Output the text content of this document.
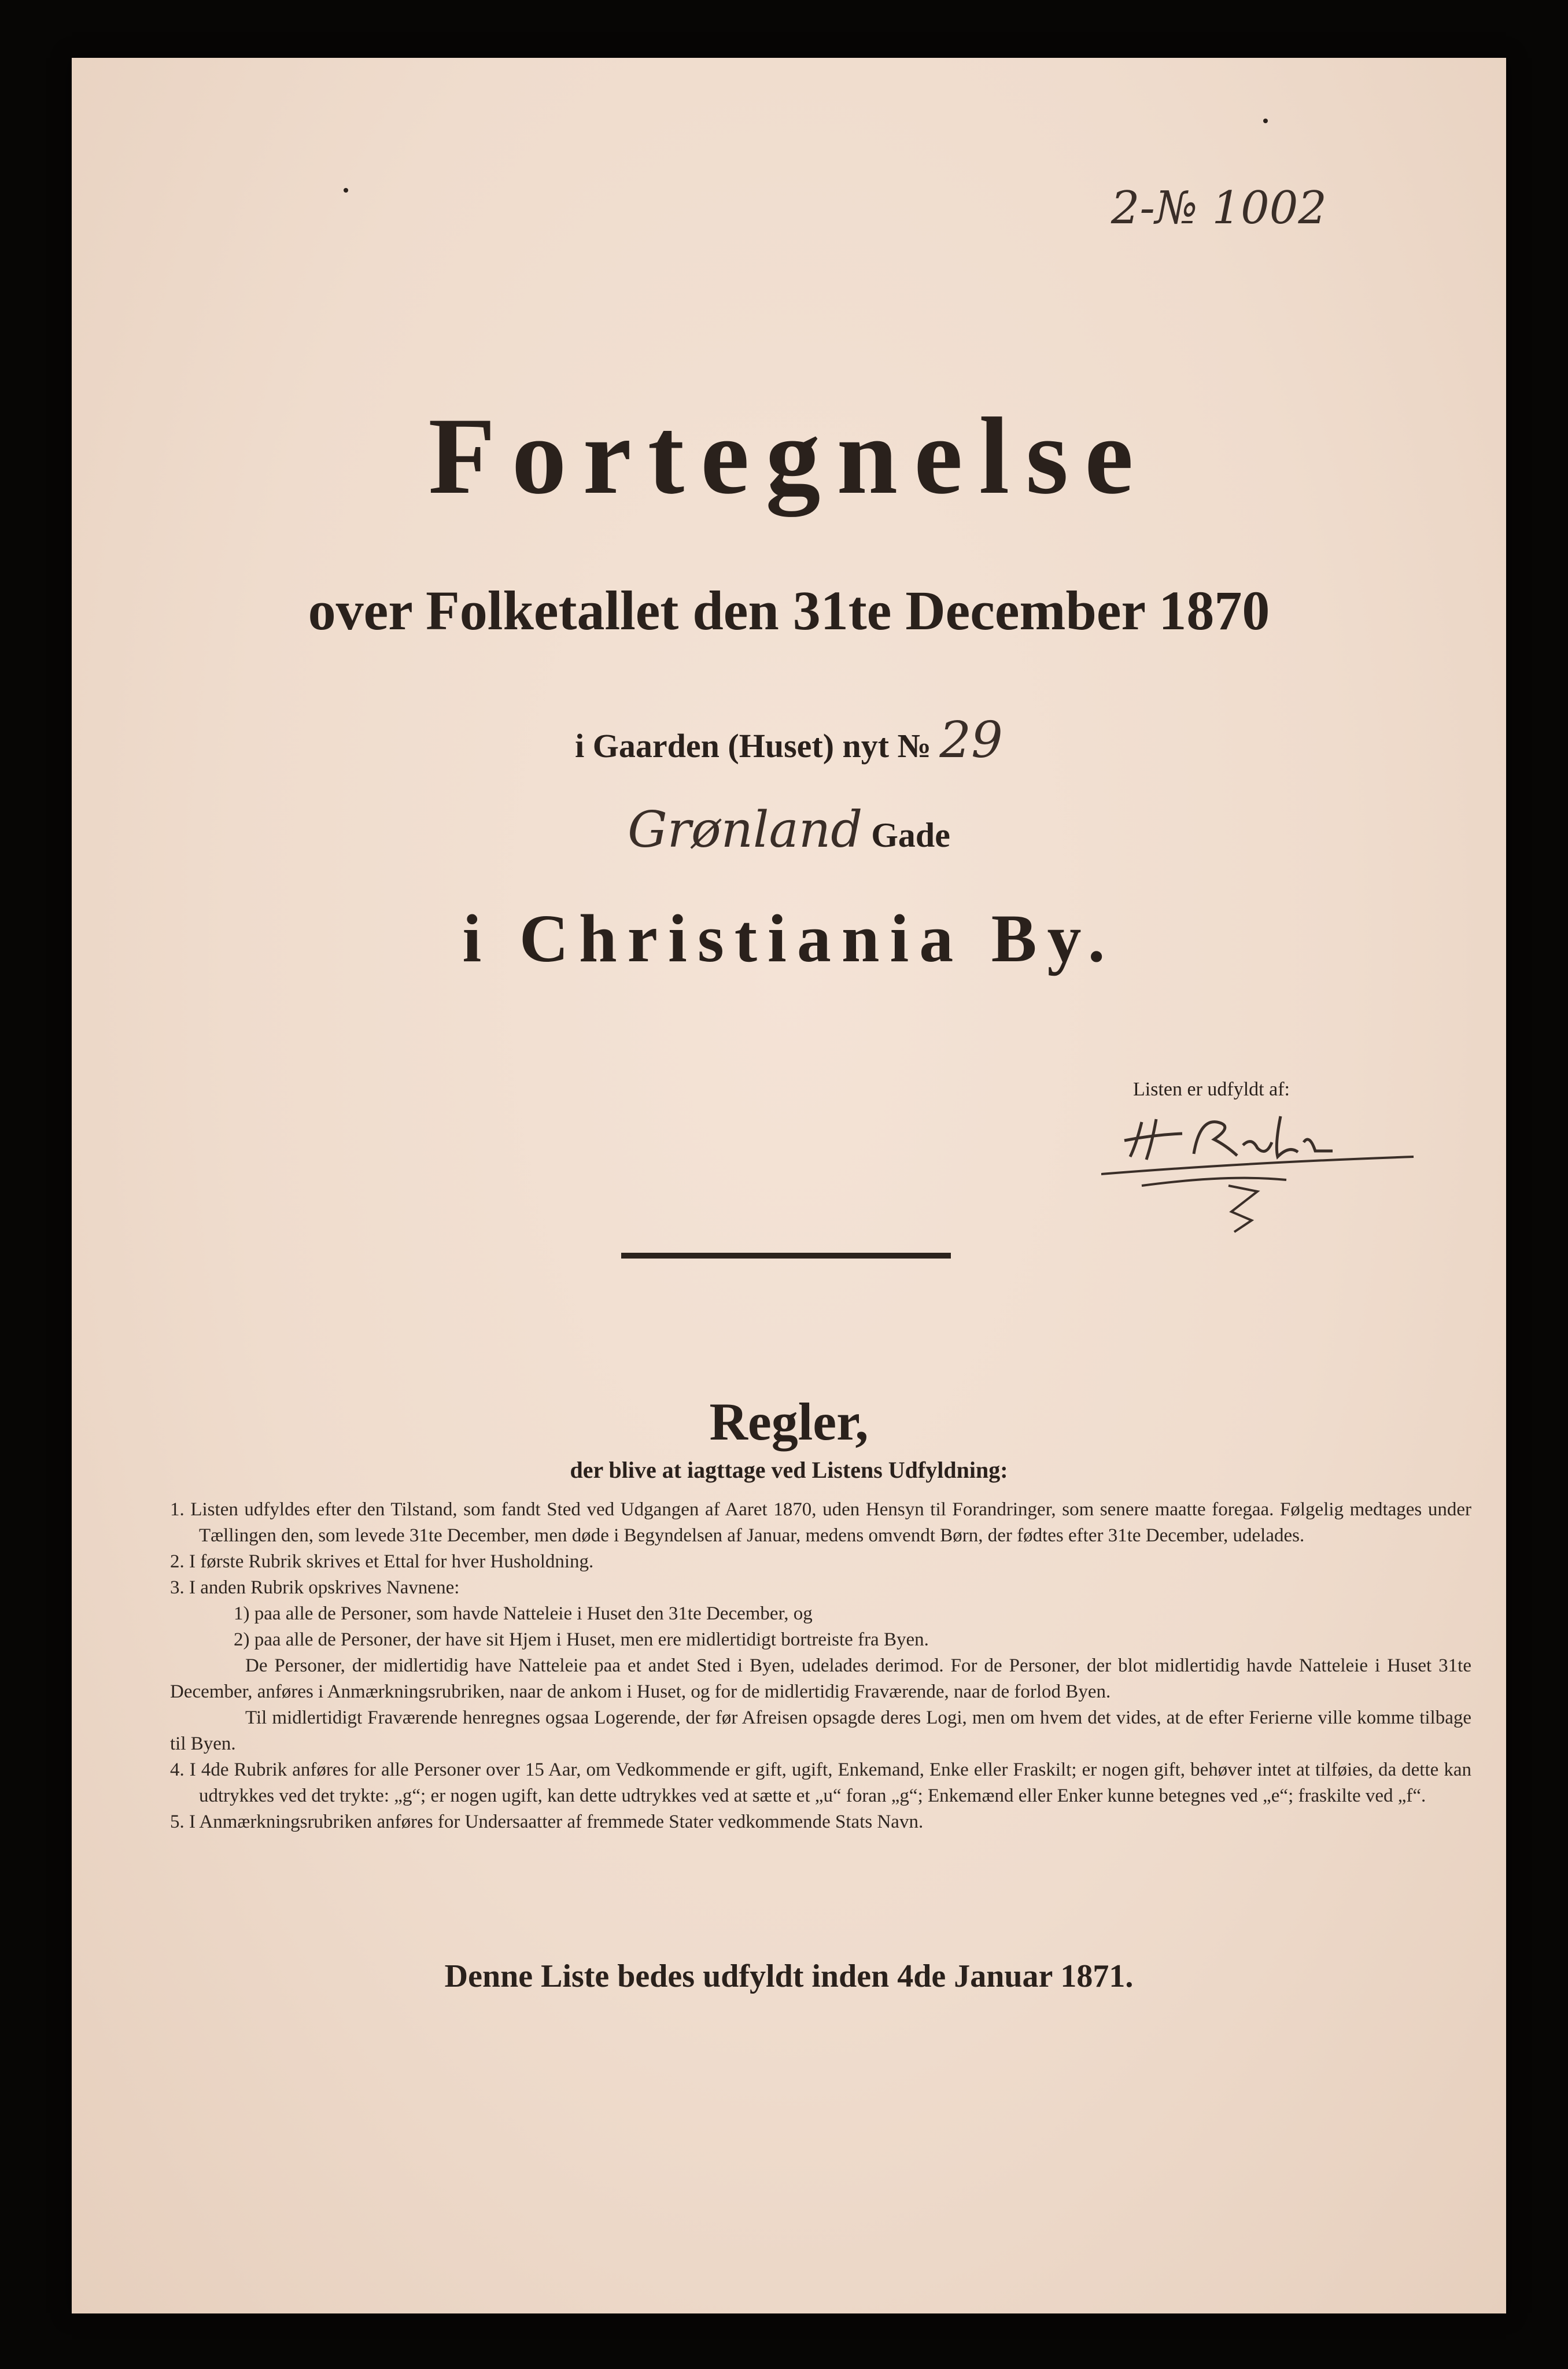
2-№ 1002
Fortegnelse
over Folketallet den 31te December 1870
i Gaarden (Huset) nyt № 29
Grønland Gade
i Christiania By.
Listen er udfyldt af:
Regler,
der blive at iagttage ved Listens Udfyldning:

1. Listen udfyldes efter den Tilstand, som fandt Sted ved Udgangen af Aaret 1870, uden Hensyn til Forandringer, som senere maatte foregaa. Følgelig medtages under Tællingen den, som levede 31te December, men døde i Begyndelsen af Januar, medens omvendt Børn, der fødtes efter 31te December, udelades.

2. I første Rubrik skrives et Ettal for hver Husholdning.

3. I anden Rubrik opskrives Navnene:

1) paa alle de Personer, som havde Natteleie i Huset den 31te December, og

2) paa alle de Personer, der have sit Hjem i Huset, men ere midlertidigt bortreiste fra Byen.

De Personer, der midlertidig have Natteleie paa et andet Sted i Byen, udelades derimod. For de Personer, der blot midlertidig havde Natteleie i Huset 31te December, anføres i Anmærkningsrubriken, naar de ankom i Huset, og for de midlertidig Fraværende, naar de forlod Byen.

Til midlertidigt Fraværende henregnes ogsaa Logerende, der før Afreisen opsagde deres Logi, men om hvem det vides, at de efter Ferierne ville komme tilbage til Byen.

4. I 4de Rubrik anføres for alle Personer over 15 Aar, om Vedkommende er gift, ugift, Enkemand, Enke eller Fraskilt; er nogen gift, behøver intet at tilføies, da dette kan udtrykkes ved det trykte: „g“; er nogen ugift, kan dette udtrykkes ved at sætte et „u“ foran „g“; Enkemænd eller Enker kunne betegnes ved „e“; fraskilte ved „f“.

5. I Anmærkningsrubriken anføres for Undersaatter af fremmede Stater vedkommende Stats Navn.

Denne Liste bedes udfyldt inden 4de Januar 1871.
